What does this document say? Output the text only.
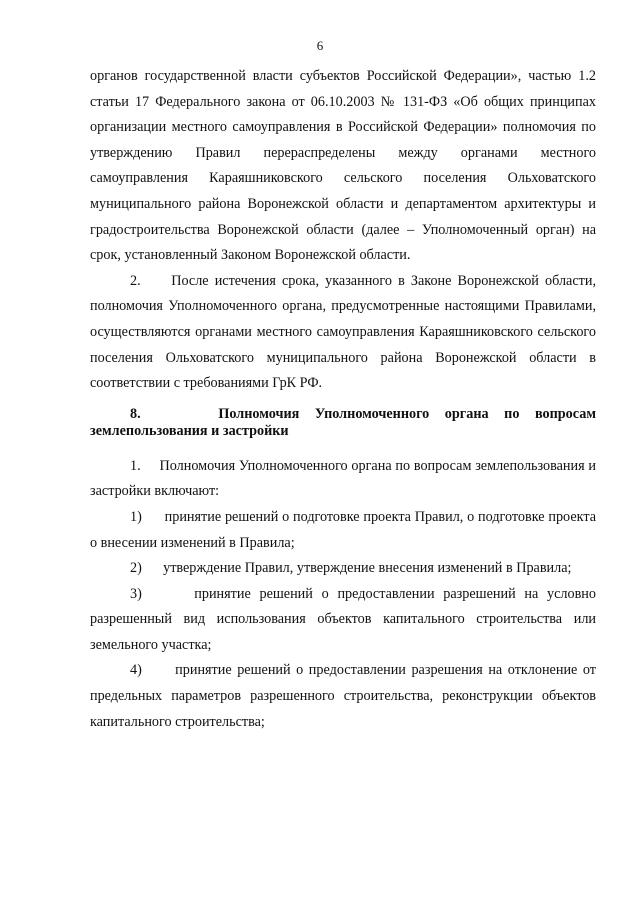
6

органов государственной власти субъектов Российской Федерации», частью 1.2 статьи 17 Федерального закона от 06.10.2003 № 131-ФЗ «Об общих принципах организации местного самоуправления в Российской Федерации» полномочия по утверждению Правил перераспределены между органами местного самоуправления Караяшниковского сельского поселения Ольховатского муниципального района Воронежской области и департаментом архитектуры и градостроительства Воронежской области (далее – Уполномоченный орган) на срок, установленный Законом Воронежской области.

2.     После истечения срока, указанного в Законе Воронежской области, полномочия Уполномоченного органа, предусмотренные настоящими Правилами, осуществляются органами местного самоуправления Караяшниковского сельского поселения Ольховатского муниципального района Воронежской области в соответствии с требованиями ГрК РФ.

8.     Полномочия Уполномоченного органа по вопросам землепользования и застройки

1.     Полномочия Уполномоченного органа по вопросам землепользования и застройки включают:

1)      принятие решений о подготовке проекта Правил, о подготовке проекта о внесении изменений в Правила;

2)      утверждение Правил, утверждение внесения изменений в Правила;

3)      принятие решений о предоставлении разрешений на условно разрешенный вид использования объектов капитального строительства или земельного участка;

4)      принятие решений о предоставлении разрешения на отклонение от предельных параметров разрешенного строительства, реконструкции объектов капитального строительства;
